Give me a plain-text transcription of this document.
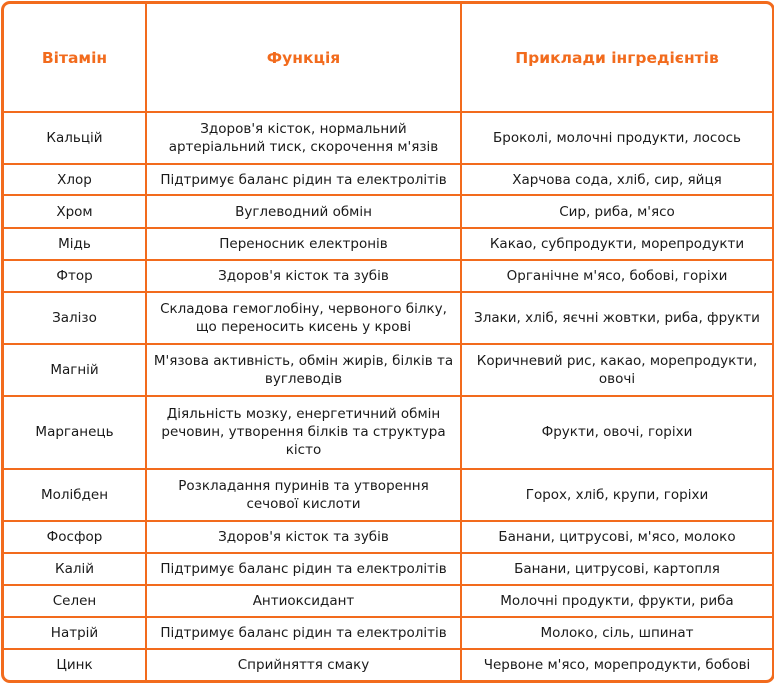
Вітамін	Функція	Приклади інгредієнтів
Кальцій	Здоров'я кісток, нормальний артеріальний тиск, скорочення м'язів	Броколі, молочні продукти, лосось
Хлор	Підтримує баланс рідин та електролітів	Харчова сода, хліб, сир, яйця
Хром	Вуглеводний обмін	Сир, риба, м'ясо
Мідь	Переносник електронів	Какао, субпродукти, морепродукти
Фтор	Здоров'я кісток та зубів	Органічне м'ясо, бобові, горіхи
Залізо	Складова гемоглобіну, червоного білку, що переносить кисень у крові	Злаки, хліб, яєчні жовтки, риба, фрукти
Магній	М'язова активність, обмін жирів, білків та вуглеводів	Коричневий рис, какао, морепродукти, овочі
Марганець	Діяльність мозку, енергетичний обмін речовин, утворення білків та структура кісто	Фрукти, овочі, горіхи
Молібден	Розкладання пуринів та утворення сечової кислоти	Горох, хліб, крупи, горіхи
Фосфор	Здоров'я кісток та зубів	Банани, цитрусові, м'ясо, молоко
Калій	Підтримує баланс рідин та електролітів	Банани, цитрусові, картопля
Селен	Антиоксидант	Молочні продукти, фрукти, риба
Натрій	Підтримує баланс рідин та електролітів	Молоко, сіль, шпинат
Цинк	Сприйняття смаку	Червоне м'ясо, морепродукти, бобові
